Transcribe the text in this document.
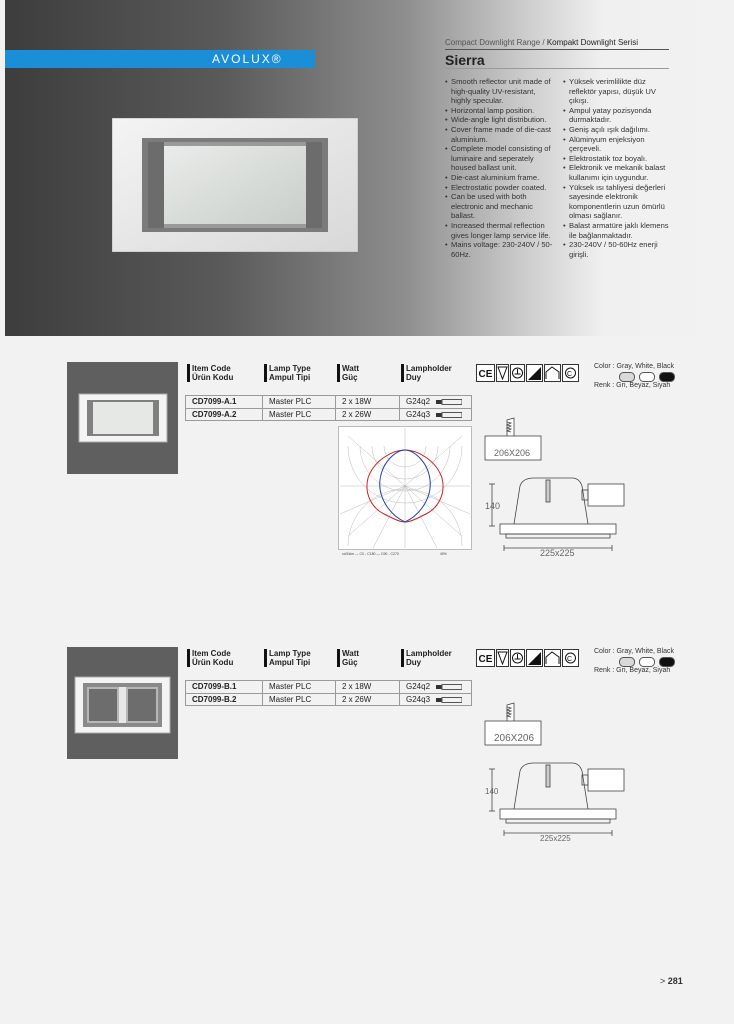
AVOLUX®
Compact Downlight Range / Kompakt Downlight Serisi
Sierra
• Smooth reflector unit made of high-quality UV-resistant, highly specular.
• Horizontal lamp position.
• Wide-angle light distribution.
• Cover frame made of die-cast aluminium.
• Complete model consisting of luminaire and seperately housed ballast unit.
• Die-cast aluminium frame.
• Electrostatic powder coated.
• Can be used with both electronic and mechanic ballast.
• Increased thermal reflection gives longer lamp service life.
• Mains voltage: 230-240V / 50-60Hz.
• Yüksek verimlilikte düz reflektör yapısı, düşük UV çıkışı.
• Ampul yatay pozisyonda durmaktadır.
• Geniş açılı ışık dağılımı.
• Alüminyum enjeksiyon çerçeveli.
• Elektrostatik toz boyalı.
• Elektronik ve mekanik balast kullanımı için uygundur.
• Yüksek ısı tahliyesi değerleri sayesinde elektronik komponentlerin uzun ömürlü olması sağlanır.
• Balast armatüre jaklı klemens ile bağlanmaktadır.
• 230-240V / 50-60Hz enerji girişli.
Item Code
Ürün Kodu
Lamp Type
Ampul Tipi
Watt
Güç
Lampholder
Duy	CE	C
Color : Gray, White, Black
Renk : Gri, Beyaz, Siyah
CD7099-A.1	Master PLC	2 x 18W	G24q2
CD7099-A.2	Master PLC	2 x 26W	G24q3
cd/1klm — C0 - C180 — C90 - C270	49%
206X206
140
225x225
Item Code
Ürün Kodu
Lamp Type
Ampul Tipi
Watt
Güç
Lampholder
Duy	CE	C
Color : Gray, White, Black
Renk : Gri, Beyaz, Siyah
CD7099-B.1	Master PLC	2 x 18W	G24q2
CD7099-B.2	Master PLC	2 x 26W	G24q3
206X206
140
225x225
> 281
